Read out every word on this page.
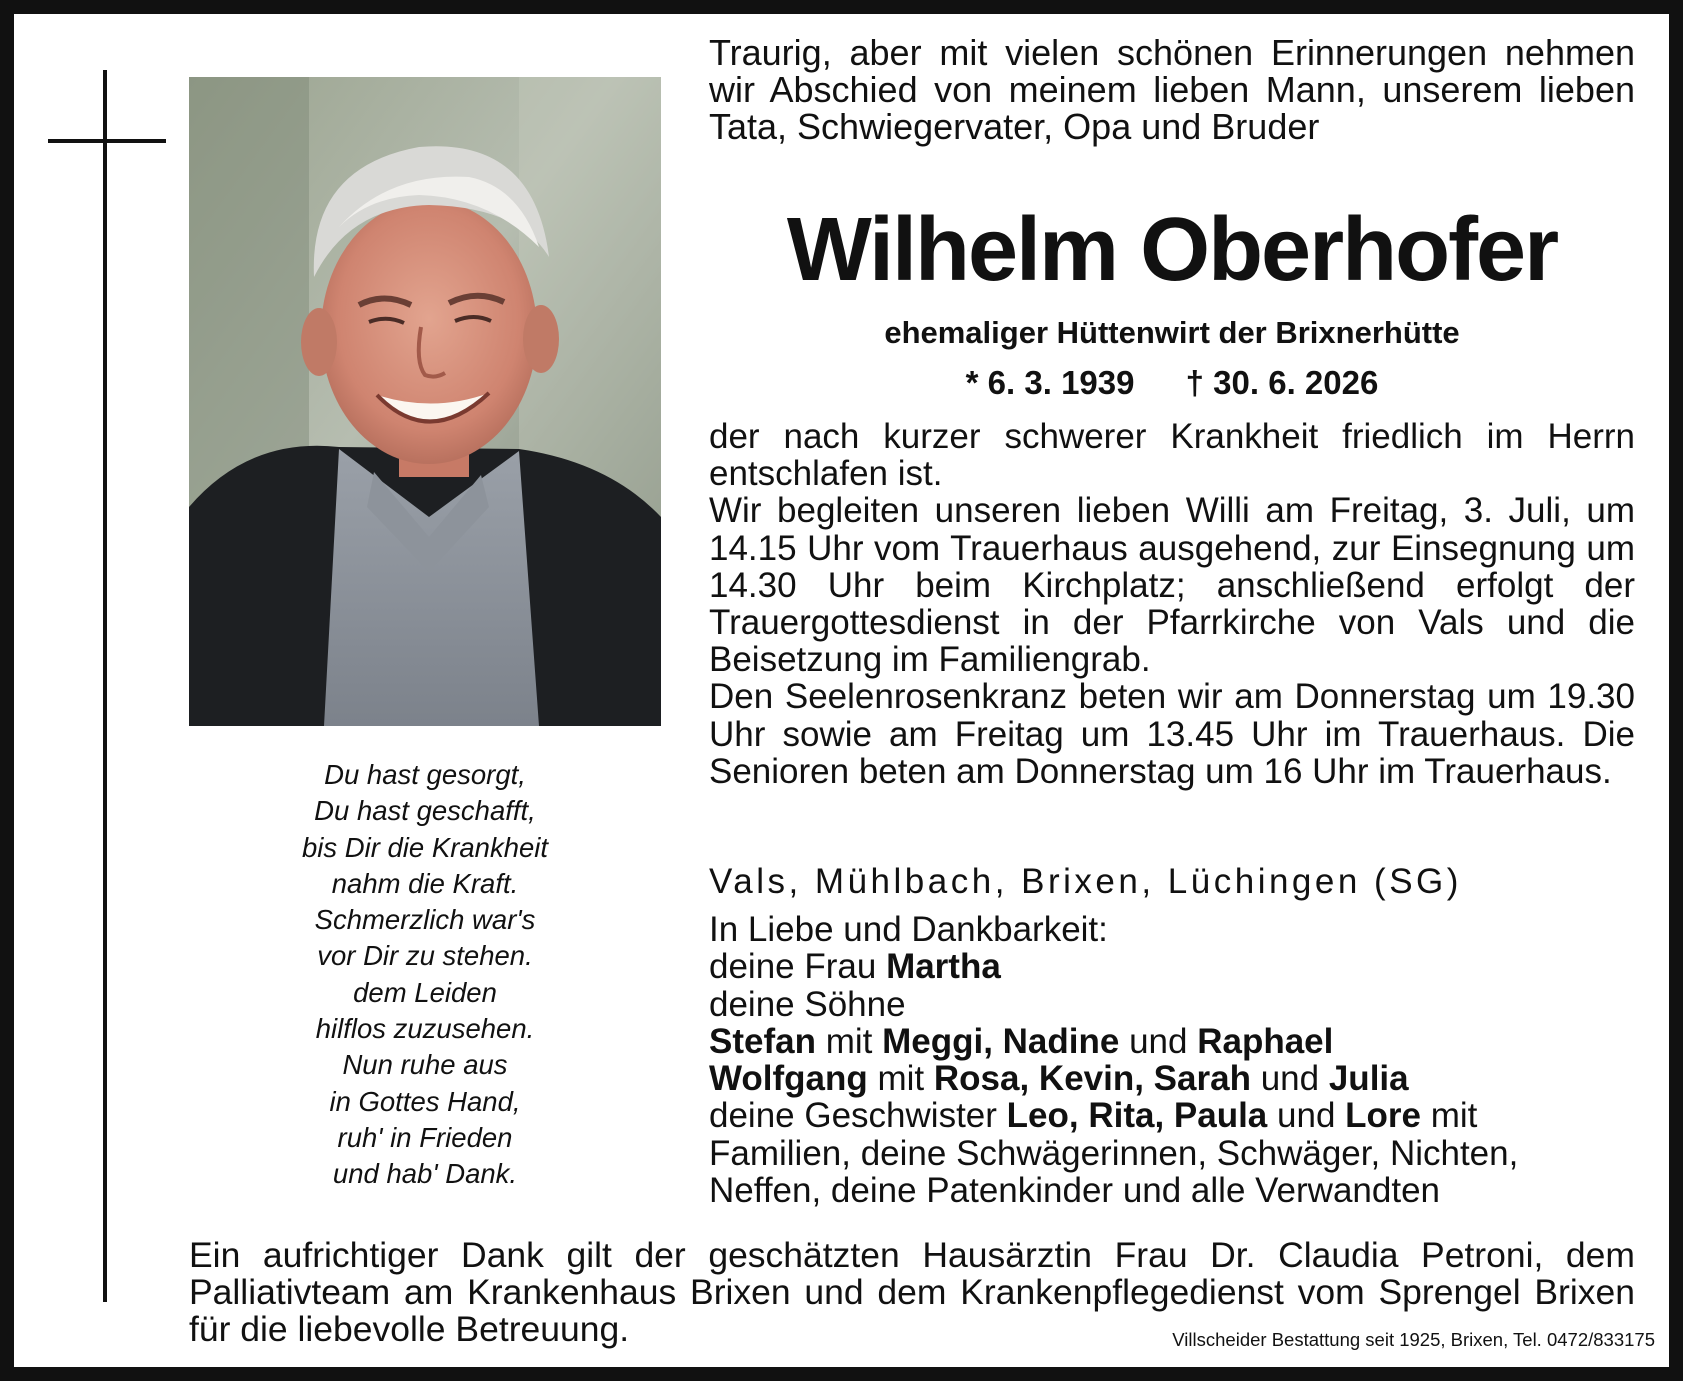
Du hast gesorgt,
Du hast geschafft,
bis Dir die Krankheit
nahm die Kraft.
Schmerzlich war's
vor Dir zu stehen.
dem Leiden
hilflos zuzusehen.
Nun ruhe aus
in Gottes Hand,
ruh' in Frieden
und hab' Dank.

Traurig, aber mit vielen schönen Erinnerungen nehmen wir Abschied von meinem lieben Mann, unserem lieben Tata, Schwiegervater, Opa und Bruder

Wilhelm Oberhofer

ehemaliger Hüttenwirt der Brixnerhütte

* 6. 3. 1939 † 30. 6. 2026

der nach kurzer schwerer Krankheit friedlich im Herrn entschlafen ist.

Wir begleiten unseren lieben Willi am Freitag, 3. Juli, um 14.15 Uhr vom Trauerhaus ausgehend, zur Einsegnung um 14.30 Uhr beim Kirchplatz; anschließend erfolgt der Trauergottesdienst in der Pfarrkirche von Vals und die Beisetzung im Familiengrab.

Den Seelenrosenkranz beten wir am Donnerstag um 19.30 Uhr sowie am Freitag um 13.45 Uhr im Trauerhaus. Die Senioren beten am Donnerstag um 16 Uhr im Trauerhaus.

Vals, Mühlbach, Brixen, Lüchingen (SG)
In Liebe und Dankbarkeit:
deine Frau Martha
deine Söhne
Stefan mit Meggi, Nadine und Raphael
Wolfgang mit Rosa, Kevin, Sarah und Julia
deine Geschwister Leo, Rita, Paula und Lore mit
Familien, deine Schwägerinnen, Schwäger, Nichten,
Neffen, deine Patenkinder und alle Verwandten

Ein aufrichtiger Dank gilt der geschätzten Hausärztin Frau Dr. Claudia Petroni, dem Palliativteam am Krankenhaus Brixen und dem Krankenpflegedienst vom Sprengel Brixen für die liebevolle Betreuung.	Villscheider Bestattung seit 1925, Brixen, Tel. 0472/833175
